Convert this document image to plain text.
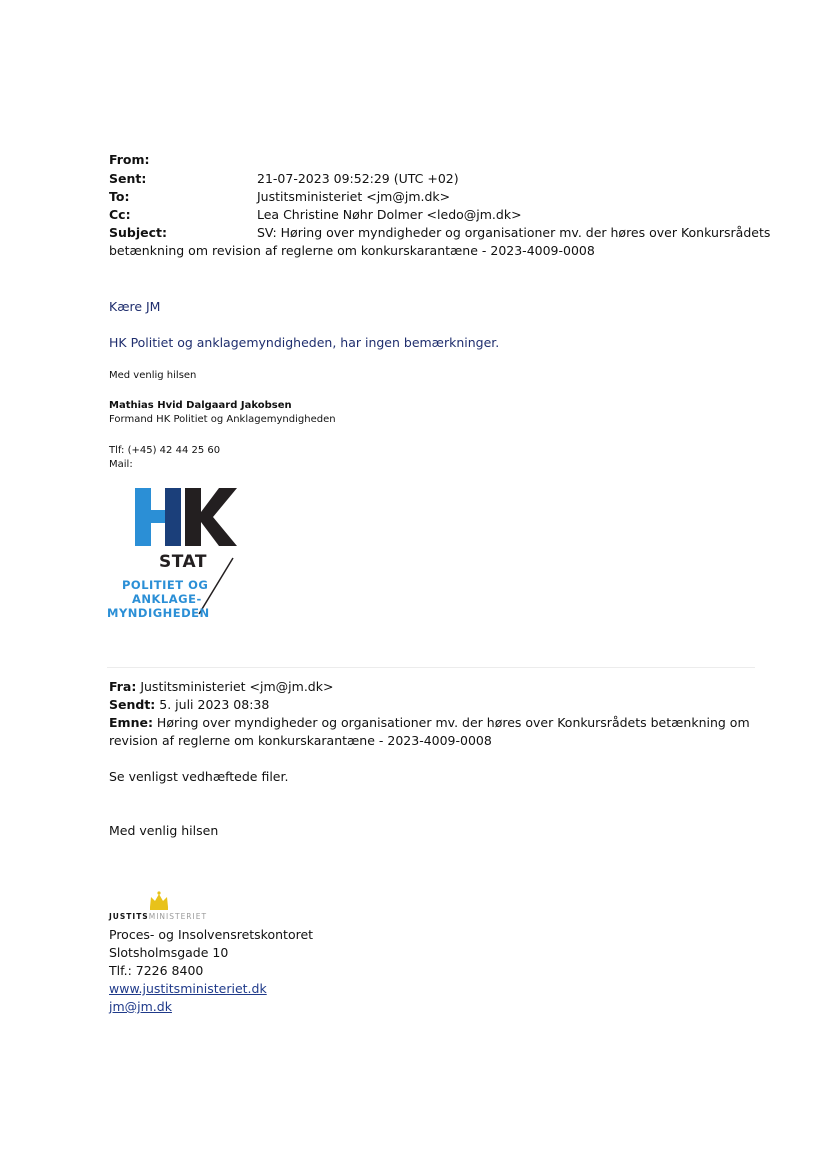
From:
Sent:	21-07-2023 09:52:29 (UTC +02)
To:	Justitsministeriet <jm@jm.dk>
Cc:	Lea Christine Nøhr Dolmer <ledo@jm.dk>
Subject:	SV: Høring over myndigheder og organisationer mv. der høres over Konkursrådets
betænkning om revision af reglerne om konkurskarantæne - 2023-4009-0008
Kære JM
HK Politiet og anklagemyndigheden, har ingen bemærkninger.
Med venlig hilsen
Mathias Hvid Dalgaard Jakobsen
Formand HK Politiet og Anklagemyndigheden
Tlf: (+45) 42 44 25 60
Mail:
STAT
POLITIET OG
ANKLAGE-
MYNDIGHEDEN
Fra: Justitsministeriet <jm@jm.dk>
Sendt: 5. juli 2023 08:38
Emne: Høring over myndigheder og organisationer mv. der høres over Konkursrådets betænkning om
revision af reglerne om konkurskarantæne - 2023-4009-0008
Se venligst vedhæftede filer.
Med venlig hilsen
JUSTITSMINISTERIET
Proces- og Insolvensretskontoret
Slotsholmsgade 10
Tlf.: 7226 8400
www.justitsministeriet.dk
jm@jm.dk
